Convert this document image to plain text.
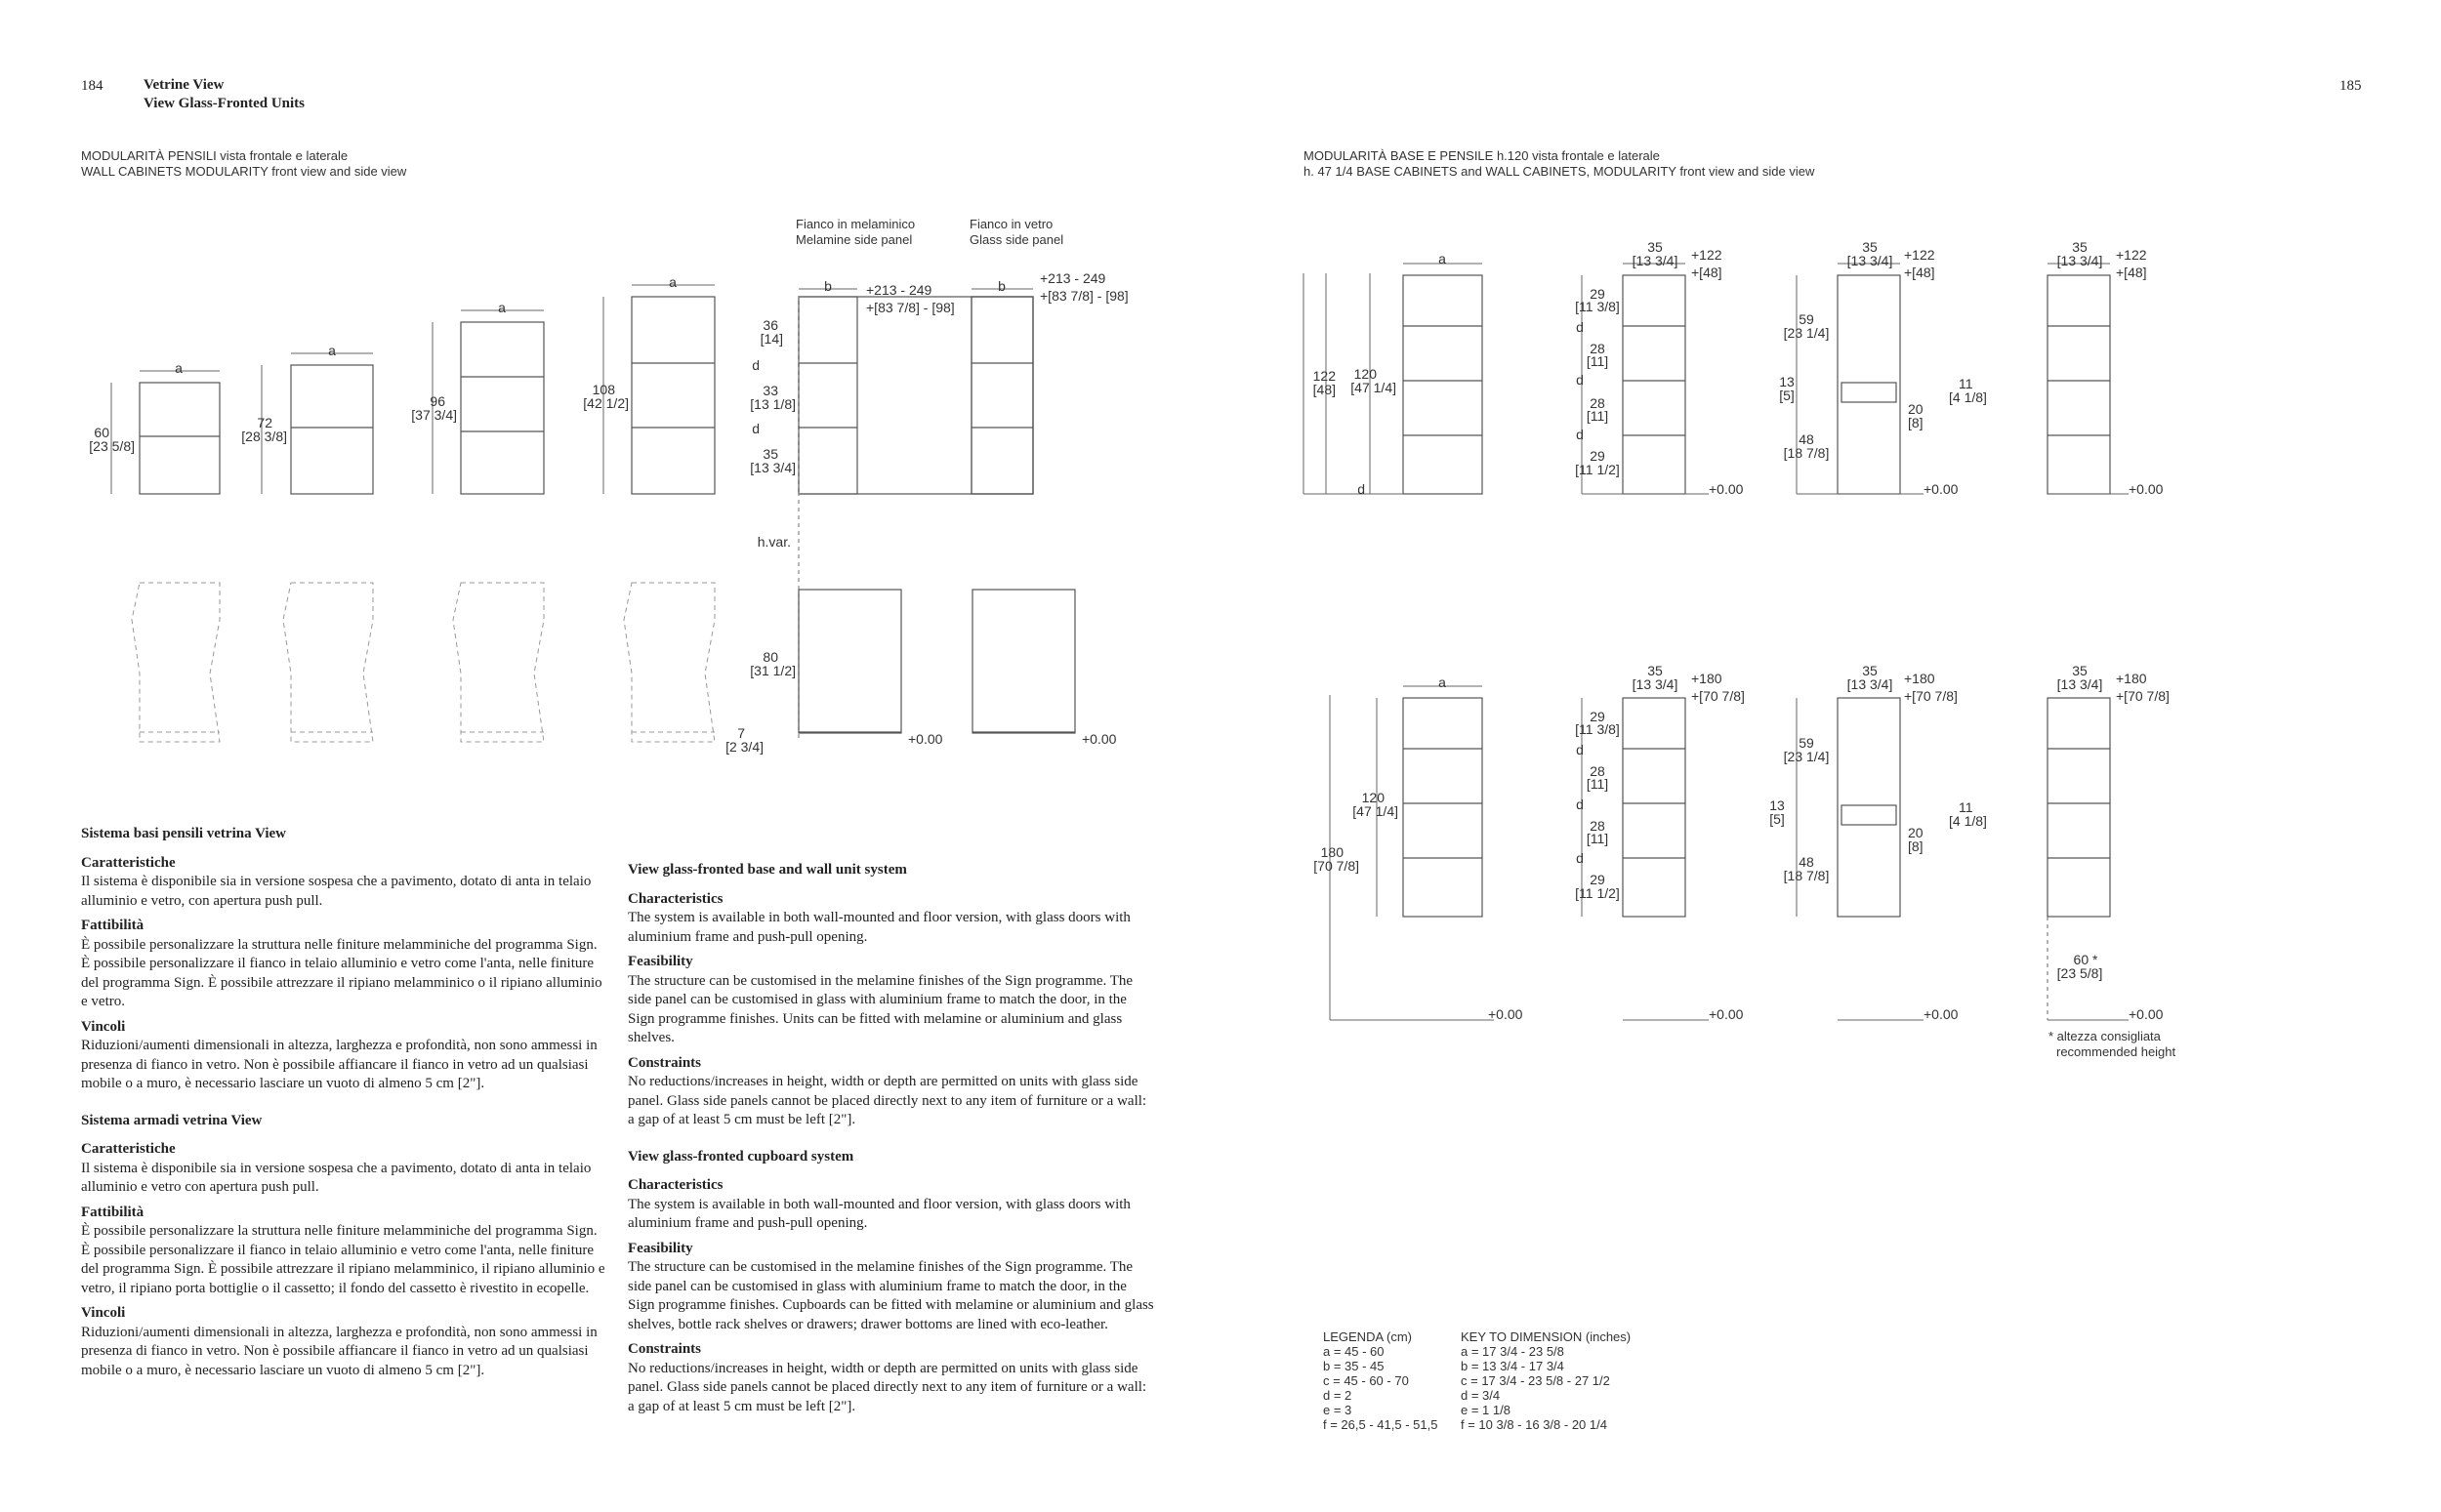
184	Vetrine View
View Glass-Fronted Units
185
MODULARITÀ PENSILI vista frontale e laterale
WALL CABINETS MODULARITY front view and side view
MODULARITÀ BASE E PENSILE h.120 vista frontale e laterale
h. 47 1/4 BASE CABINETS and WALL CABINETS, MODULARITY front view and side view
a
a
a
a	b	b
60
[23 5/8]
72
[28 3/8]
96
[37 3/4]
108
[42 1/2]
36
[14]
d
33
[13 1/8]
d
35
[13 3/4]
h.var.
80
[31 1/2]
7
[2 3/4]
+213 - 249
+[83 7/8] - [98]
+213 - 249
+[83 7/8] - [98]
+0.00	+0.00
a
122
[48]
120
[47 1/4]
d	+0.00	+0.00	+0.00
35
[13 3/4] +122
+[48]
35
[13 3/4] +122
+[48]
35
[13 3/4] +122
+[48]
29
[11 3/8]
d
28
[11]
d
28
[11]
d
29
[11 1/2]
59
[23 1/4]
13
[5]
48
[18 7/8]
11
[4 1/8]
20
[8]
a
180
[70 7/8]
120
[47 1/4]
+0.00	+0.00	+0.00	+0.00
35
[13 3/4] +180
+[70 7/8]
35
[13 3/4] +180
+[70 7/8]
35
[13 3/4] +180
+[70 7/8]
29
[11 3/8]
d
28
[11]
d
28
[11]
d
29
[11 1/2]
59
[23 1/4]
13
[5]
48
[18 7/8]
11
[4 1/8]
20
[8]
60 *
[23 5/8]
Fianco in melaminico
Melamine side panel
Fianco in vetro
Glass side panel
* altezza consigliata
recommended height
Sistema basi pensili vetrina View
Caratteristiche

Il sistema è disponibile sia in versione sospesa che a pavimento, dotato di anta in telaio alluminio e vetro, con apertura push pull.

Fattibilità

È possibile personalizzare la struttura nelle finiture melamminiche del programma Sign. È possibile personalizzare il fianco in telaio alluminio e vetro come l'anta, nelle finiture del programma Sign. È possibile attrezzare il ripiano melamminico o il ripiano alluminio e vetro.

Vincoli

Riduzioni/aumenti dimensionali in altezza, larghezza e profondità, non sono ammessi in presenza di fianco in vetro. Non è possibile affiancare il fianco in vetro ad un qualsiasi mobile o a muro, è necessario lasciare un vuoto di almeno 5 cm [2"].

Sistema armadi vetrina View
Caratteristiche

Il sistema è disponibile sia in versione sospesa che a pavimento, dotato di anta in telaio alluminio e vetro con apertura push pull.

Fattibilità

È possibile personalizzare la struttura nelle finiture melamminiche del programma Sign. È possibile personalizzare il fianco in telaio alluminio e vetro come l'anta, nelle finiture del programma Sign. È possibile attrezzare il ripiano melamminico, il ripiano alluminio e vetro, il ripiano porta bottiglie o il cassetto; il fondo del cassetto è rivestito in ecopelle.

Vincoli

Riduzioni/aumenti dimensionali in altezza, larghezza e profondità, non sono ammessi in presenza di fianco in vetro. Non è possibile affiancare il fianco in vetro ad un qualsiasi mobile o a muro, è necessario lasciare un vuoto di almeno 5 cm [2"].

View glass-fronted base and wall unit system
Characteristics

The system is available in both wall-mounted and floor version, with glass doors with aluminium frame and push-pull opening.

Feasibility

The structure can be customised in the melamine finishes of the Sign programme. The side panel can be customised in glass with aluminium frame to match the door, in the Sign programme finishes. Units can be fitted with melamine or aluminium and glass shelves.

Constraints

No reductions/increases in height, width or depth are permitted on units with glass side panel. Glass side panels cannot be placed directly next to any item of furniture or a wall: a gap of at least 5 cm must be left [2"].

View glass-fronted cupboard system
Characteristics

The system is available in both wall-mounted and floor version, with glass doors with aluminium frame and push-pull opening.

Feasibility

The structure can be customised in the melamine finishes of the Sign programme. The side panel can be customised in glass with aluminium frame to match the door, in the Sign programme finishes. Cupboards can be fitted with melamine or aluminium and glass shelves, bottle rack shelves or drawers; drawer bottoms are lined with eco-leather.

Constraints

No reductions/increases in height, width or depth are permitted on units with glass side panel. Glass side panels cannot be placed directly next to any item of furniture or a wall: a gap of at least 5 cm must be left [2"].

LEGENDA (cm)
a = 45 - 60
b = 35 - 45
c = 45 - 60 - 70
d = 2
e = 3
f = 26,5 - 41,5 - 51,5
KEY TO DIMENSION (inches)
a = 17 3/4 - 23 5/8
b = 13 3/4 - 17 3/4
c = 17 3/4 - 23 5/8 - 27 1/2
d = 3/4
e = 1 1/8
f = 10 3/8 - 16 3/8 - 20 1/4
